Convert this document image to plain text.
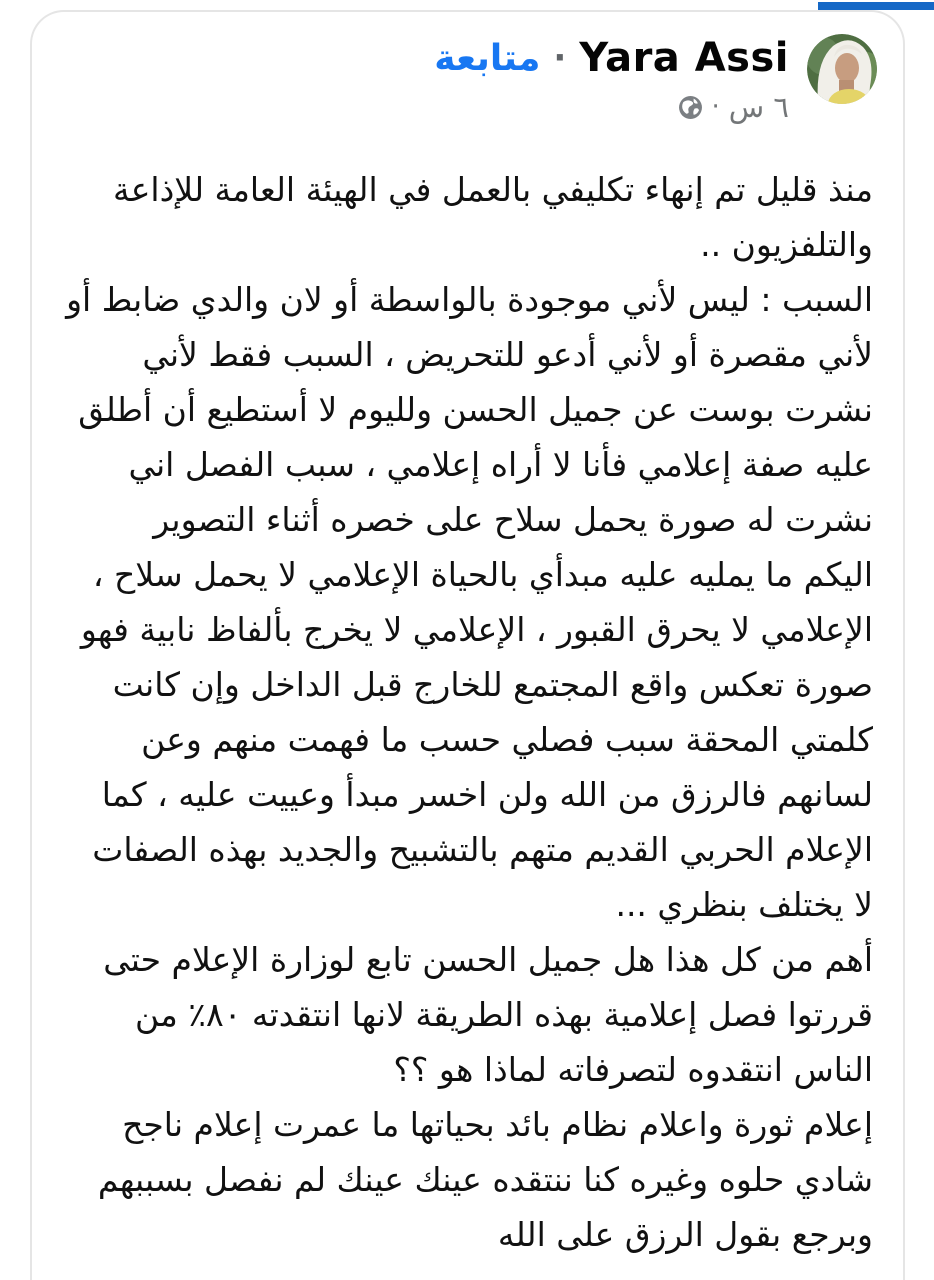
Yara Assi
·
متابعة
٦ س
·
منذ قليل تم إنهاء تكليفي بالعمل في الهيئة العامة للإذاعة
والتلفزيون ..
السبب : ليس لأني موجودة بالواسطة أو لان والدي ضابط أو
لأني مقصرة أو لأني أدعو للتحريض ، السبب فقط لأني
نشرت بوست عن جميل الحسن ولليوم لا أستطيع أن أطلق
عليه صفة إعلامي فأنا لا أراه إعلامي ، سبب الفصل اني
نشرت له صورة يحمل سلاح على خصره أثناء التصوير
اليكم ما يمليه عليه مبدأي بالحياة الإعلامي لا يحمل سلاح ،
الإعلامي لا يحرق القبور ، الإعلامي لا يخرج بألفاظ نابية فهو
صورة تعكس واقع المجتمع للخارج قبل الداخل وإن كانت
كلمتي المحقة سبب فصلي حسب ما فهمت منهم وعن
لسانهم فالرزق من الله ولن اخسر مبدأ وعييت عليه ، كما
الإعلام الحربي القديم متهم بالتشبيح والجديد بهذه الصفات
لا يختلف بنظري ...
أهم من كل هذا هل جميل الحسن تابع لوزارة الإعلام حتى
قررتوا فصل إعلامية بهذه الطريقة لانها انتقدته ٨٠٪ من
الناس انتقدوه لتصرفاته لماذا هو ؟؟
إعلام ثورة واعلام نظام بائد بحياتها ما عمرت إعلام ناجح
شادي حلوه وغيره كنا ننتقده عينك عينك لم نفصل بسببهم
وبرجع بقول الرزق على الله
